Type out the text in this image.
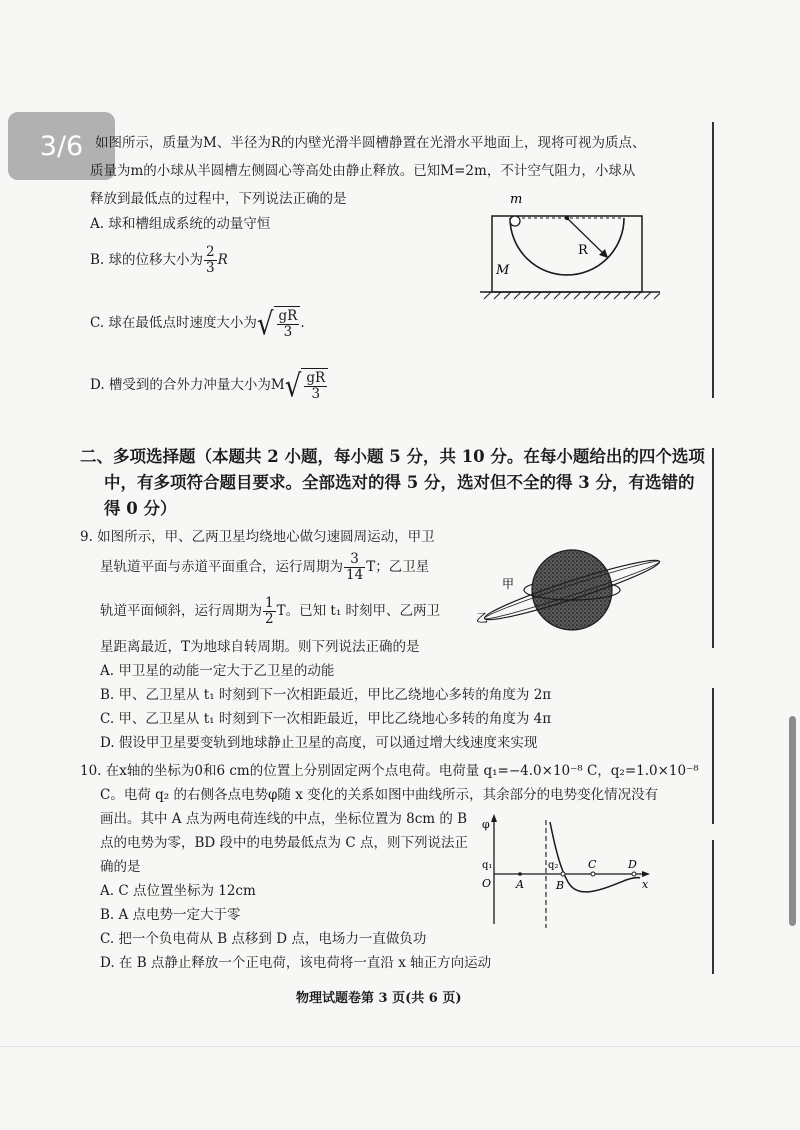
3/6 如图所示，质量为M、半径为R的内壁光滑半圆槽静置在光滑水平地面上，现将可视为质点、
质量为m的小球从半圆槽左侧圆心等高处由静止释放。已知M=2m，不计空气阻力，小球从
释放到最低点的过程中，下列说法正确的是
A. 球和槽组成系统的动量守恒
B. 球的位移大小为 $\frac{2}{3}$ R
C. 球在最低点时速度大小为√ $\frac{gR}{3}$ .
D. 槽受到的合外力冲量大小为$M√ \frac{gR}{3}$
m
R
M
二、多项选择题（本题共 2 小题，每小题 5 分，共 10 分。在每小题给出的四个选项
中，有多项符合题目要求。全部选对的得 5 分，选对但不全的得 3 分，有选错的
得 0 分）
9. 如图所示，甲、乙两卫星均绕地心做匀速圆周运动，甲卫
星轨道平面与赤道平面重合，运行周期为 $\frac{3}{14}$ T；乙卫星
轨道平面倾斜，运行周期为 $\frac{1}{2}$ T。已知 t₁ 时刻甲、乙两卫
星距离最近，T为地球自转周期。则下列说法正确的是
A. 甲卫星的动能一定大于乙卫星的动能
B. 甲、乙卫星从 t₁ 时刻到下一次相距最近，甲比乙绕地心多转的角度为 2π
C. 甲、乙卫星从 t₁ 时刻到下一次相距最近，甲比乙绕地心多转的角度为 4π
D. 假设甲卫星要变轨到地球静止卫星的高度，可以通过增大线速度来实现
甲
乙
10. 在x轴的坐标为0和6 cm的位置上分别固定两个点电荷。电荷量 q₁=−4.0×10⁻⁸ C，q₂=1.0×10⁻⁸
C。电荷 q₂ 的右侧各点电势φ随 x 变化的关系如图中曲线所示，其余部分的电势变化情况没有
画出。其中 A 点为两电荷连线的中点，坐标位置为 8cm 的 B
点的电势为零，BD 段中的电势最低点为 C 点，则下列说法正
确的是
A. C 点位置坐标为 12cm
B. A 点电势一定大于零
C. 把一个负电荷从 B 点移到 D 点，电场力一直做负功
D. 在 B 点静止释放一个正电荷，该电荷将一直沿 x 轴正方向运动
φ
q₁	q₂
O A	B
C	D
x
物理试题卷第 3 页(共 6 页)
